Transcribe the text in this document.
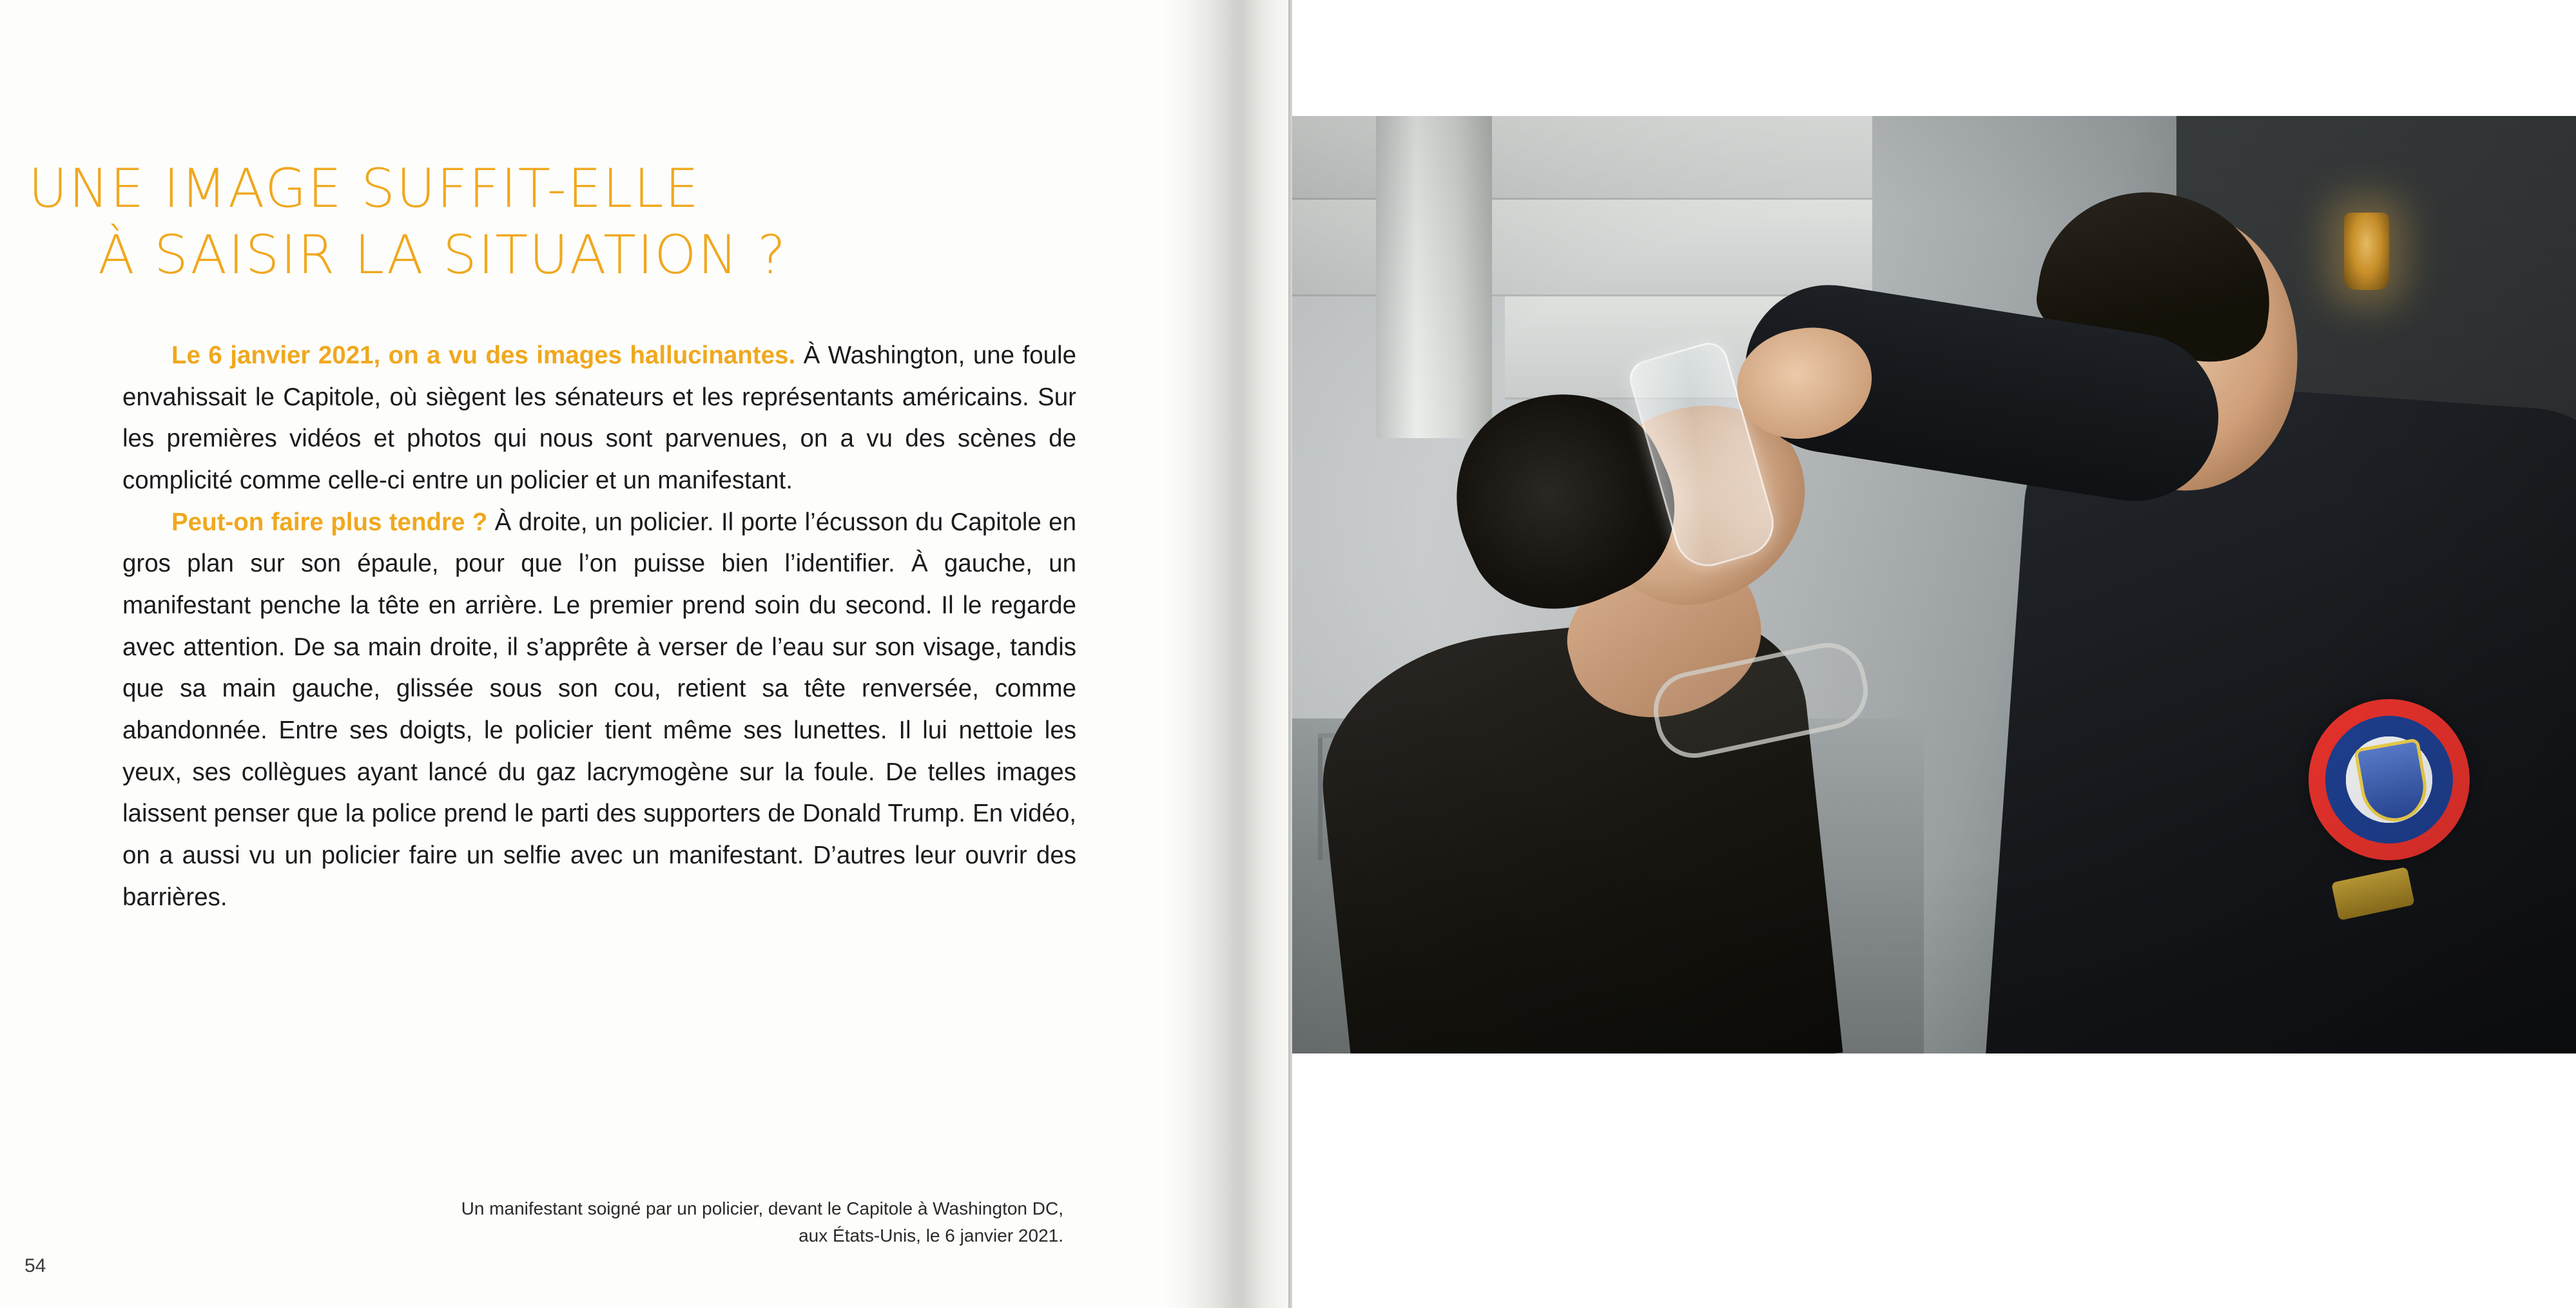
UNE IMAGE SUFFIT-ELLE
À SAISIR LA SITUATION ?

Le 6 janvier 2021, on a vu des images hallucinantes. À Washington, une foule envahissait le Capitole, où siègent les sénateurs et les représentants américains. Sur les premières vidéos et photos qui nous sont parvenues, on a vu des scènes de complicité comme celle-ci entre un policier et un manifestant.

Peut-on faire plus tendre ? À droite, un policier. Il porte l’écusson du Capitole en gros plan sur son épaule, pour que l’on puisse bien l’identifier. À gauche, un manifestant penche la tête en arrière. Le premier prend soin du second. Il le regarde avec attention. De sa main droite, il s’apprête à verser de l’eau sur son visage, tandis que sa main gauche, glissée sous son cou, retient sa tête renversée, comme abandonnée. Entre ses doigts, le policier tient même ses lunettes. Il lui nettoie les yeux, ses collègues ayant lancé du gaz lacrymogène sur la foule. De telles images laissent penser que la police prend le parti des supporters de Donald Trump. En vidéo, on a aussi vu un policier faire un selfie avec un manifestant. D’autres leur ouvrir des barrières.

Un manifestant soigné par un policier, devant le Capitole à Washington DC,
aux États-Unis, le 6 janvier 2021.
54
